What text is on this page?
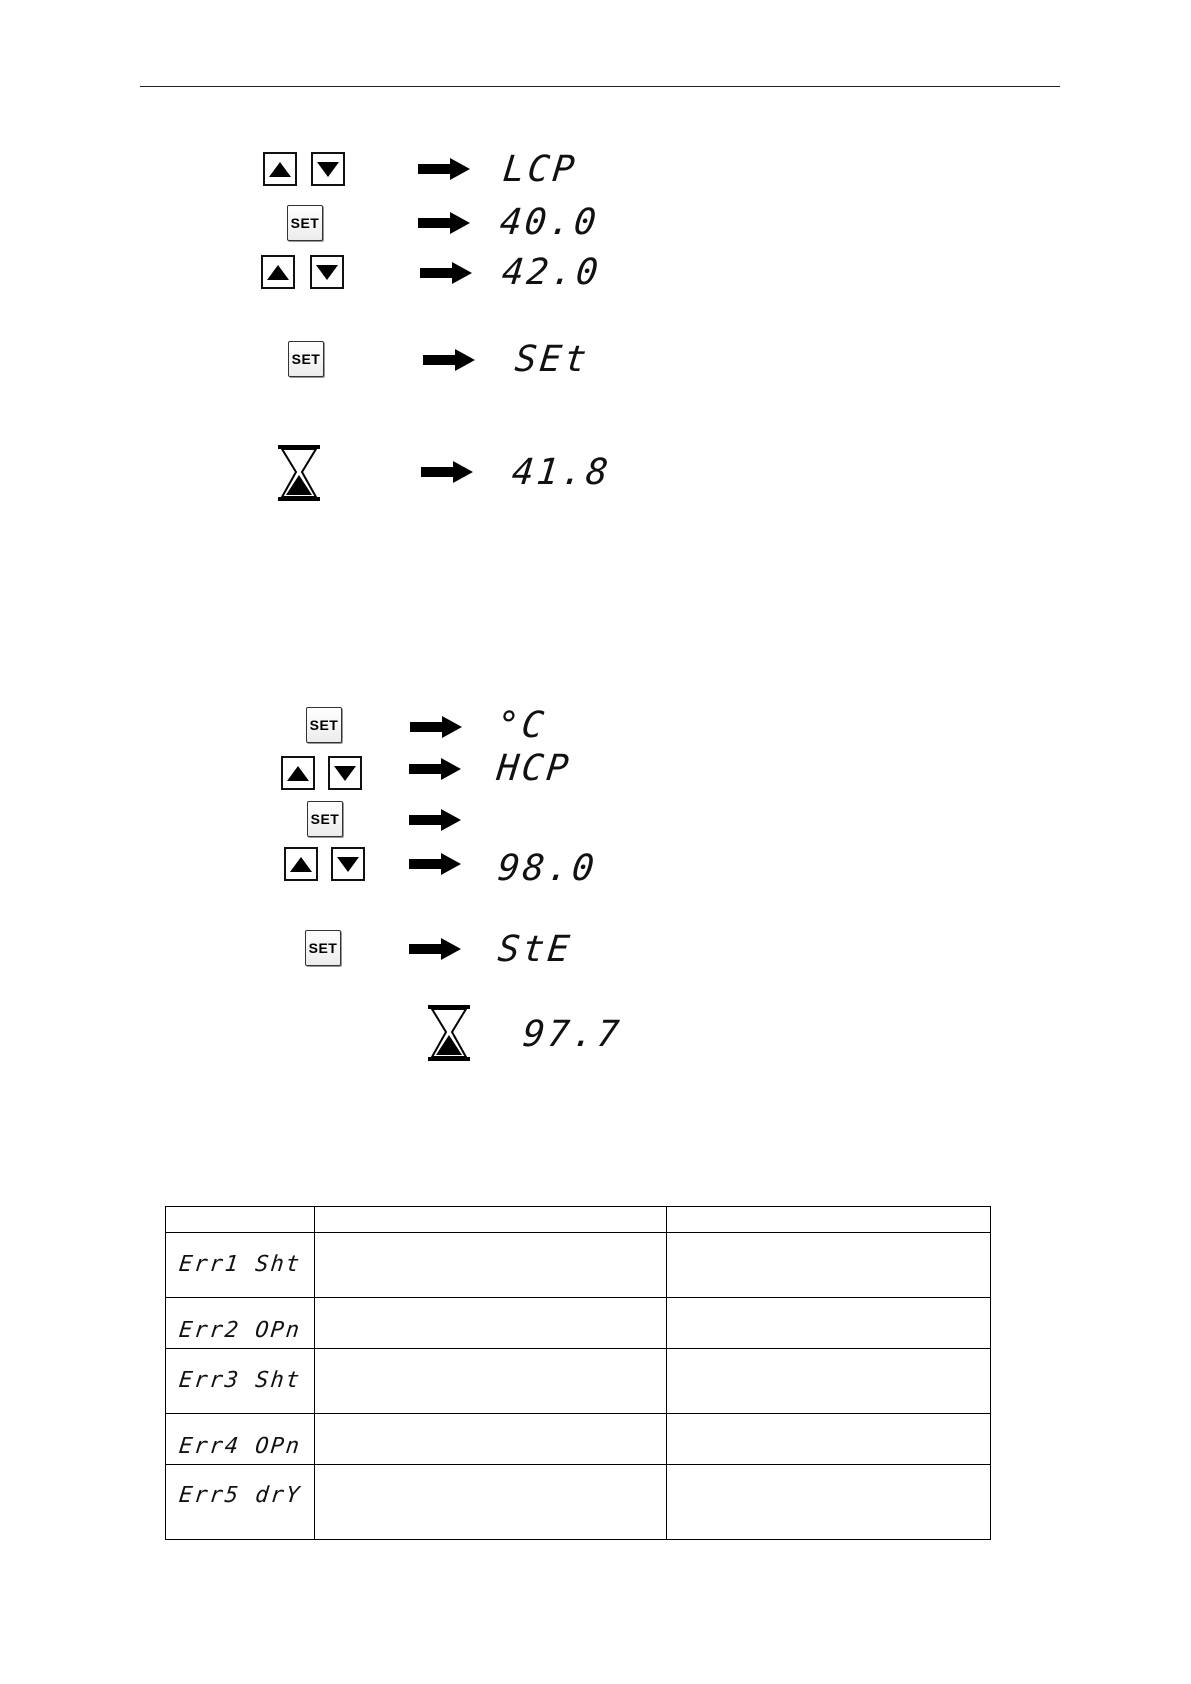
LCP
SET	40.0
42.0
SET	SEt
41.8
SET	°C
HCP
SET
98.0
SET	StE
97.7

Err1 Sht		
Err2 OPn		
Err3 Sht		
Err4 OPn		
Err5 drY		
